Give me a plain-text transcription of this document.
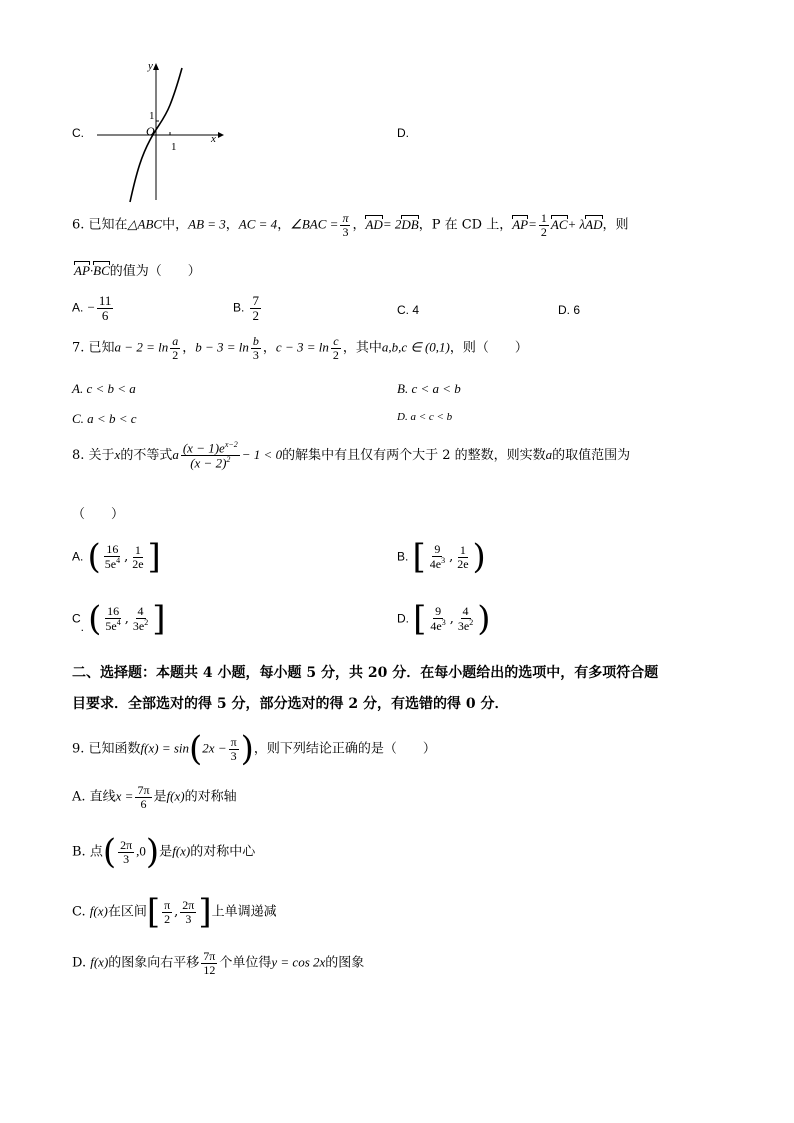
C.	x
y
O
1
1
D.
6. 已知在△ABC中，AB = 3，AC = 4，∠BAC = $\frac{\pi}{3}$ ，AD= 2DB，P 在 CD 上，$AP= \frac{1}{2} AC+ \lambda AD$，则
AP·BC的值为（　　）
A. − $\frac{11}{6}$	B. $\frac{7}{2}$	C. 4	D. 6
7. 已知$a - 2 = \ln \frac{a}{2}$ ，$b - 3 = \ln \frac{b}{3}$ ，$c - 3 = \ln \frac{c}{2}$ ，其中a,b,c ∈ (0,1)，则（　　）
A. c < b < a	B. c < a < b
C. a < b < c	D. a < c < b
8. 关于x的不等式a $\frac{(x - 1)e^{x-2}}{(x - 2)^2} - 1 < 0$的解集中有且仅有两个大于 2 的整数，则实数a的取值范围为
（　　）
A. ( $\frac{16}{5e^4}$ , $\frac{1}{2e}$ ]	B. [ $\frac{9}{4e^3}$ , $\frac{1}{2e}$ )
C. ( $\frac{16}{5e^4}$ , $\frac{4}{3e^2}$ ]	D. [ $\frac{9}{4e^3}$ , $\frac{4}{3e^2}$ )
二、选择题：本题共 4 小题，每小题 5 分，共 20 分．在每小题给出的选项中，有多项符合题
目要求．全部选对的得 5 分，部分选对的得 2 分，有选错的得 0 分．
9. 已知函数$f(x) = \sin(2x - \frac{\pi}{3}$ )，则下列结论正确的是（　　）
A. 直线$x = \frac{7\pi}{6}$ 是f(x)的对称轴
B. 点( $\frac{2\pi}{3} ,0$)是f(x)的对称中心
C. f(x)在区间[ $\frac{\pi}{2}$ , $\frac{2\pi}{3}$ ]上单调递减
D. f(x)的图象向右平移 $\frac{7\pi}{12}$ 个单位得y = cos 2x的图象
